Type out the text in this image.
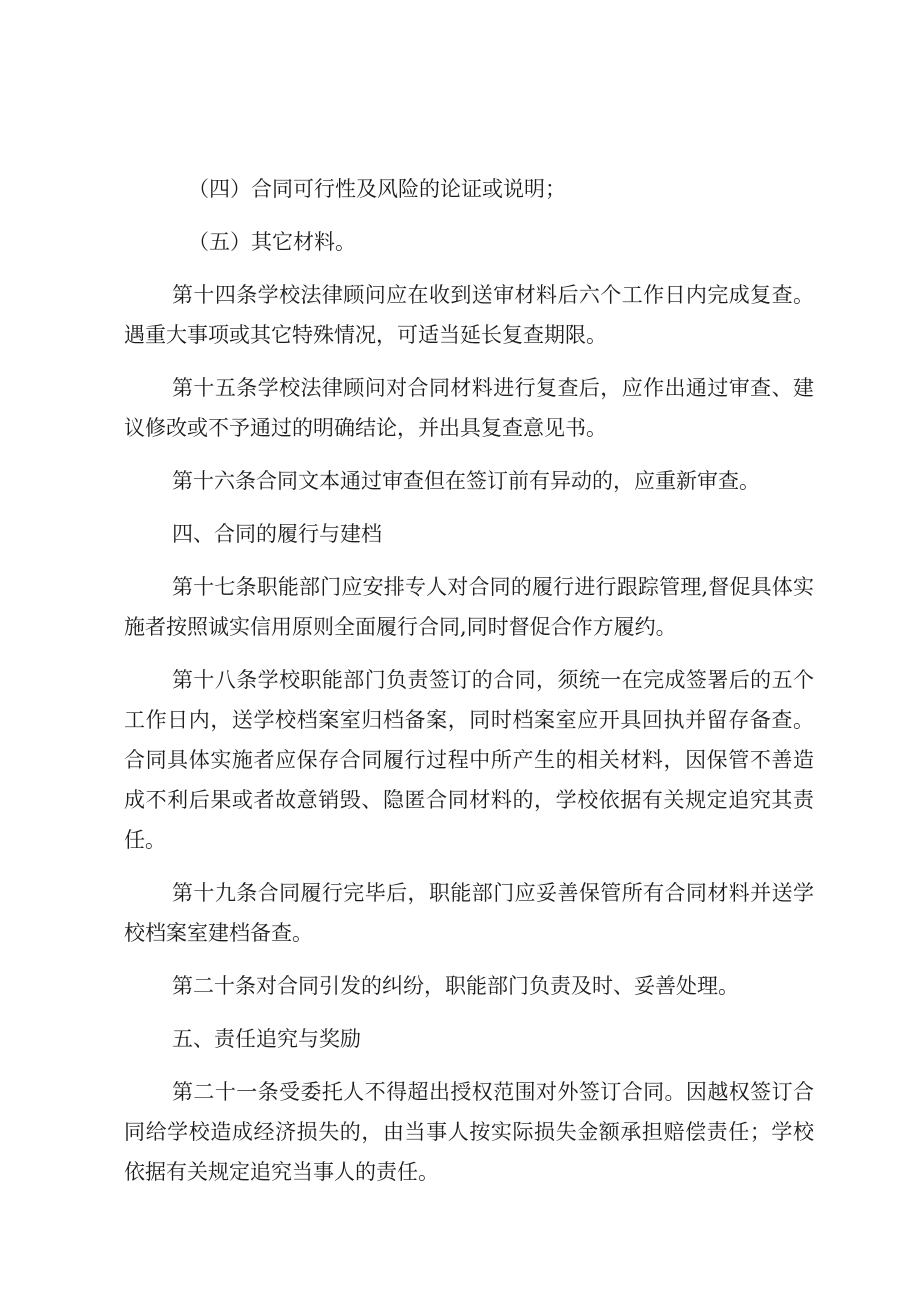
（四）合同可行性及风险的论证或说明；

（五）其它材料。

第十四条学校法律顾问应在收到送审材料后六个工作日内完成复查。遇重大事项或其它特殊情况，可适当延长复查期限。

第十五条学校法律顾问对合同材料进行复查后，应作出通过审查、建议修改或不予通过的明确结论，并出具复查意见书。

第十六条合同文本通过审查但在签订前有异动的，应重新审查。

四、合同的履行与建档

第十七条职能部门应安排专人对合同的履行进行跟踪管理,督促具体实施者按照诚实信用原则全面履行合同,同时督促合作方履约。

第十八条学校职能部门负责签订的合同，须统一在完成签署后的五个工作日内，送学校档案室归档备案，同时档案室应开具回执并留存备查。合同具体实施者应保存合同履行过程中所产生的相关材料，因保管不善造成不利后果或者故意销毁、隐匿合同材料的，学校依据有关规定追究其责任。

第十九条合同履行完毕后，职能部门应妥善保管所有合同材料并送学校档案室建档备查。

第二十条对合同引发的纠纷，职能部门负责及时、妥善处理。

五、责任追究与奖励

第二十一条受委托人不得超出授权范围对外签订合同。因越权签订合同给学校造成经济损失的，由当事人按实际损失金额承担赔偿责任；学校依据有关规定追究当事人的责任。
